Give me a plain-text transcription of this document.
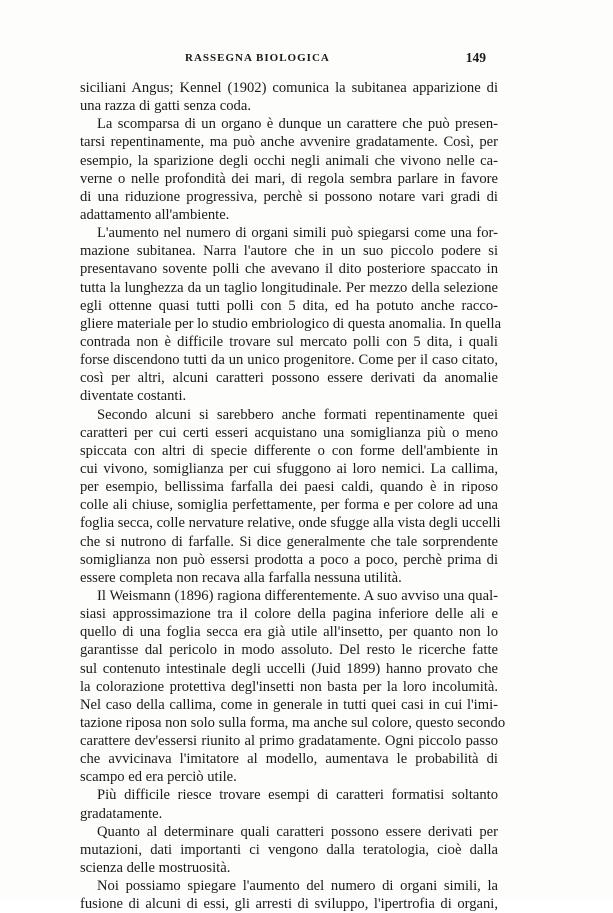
RASSEGNA BIOLOGICA	149
siciliani Angus; Kennel (1902) comunica la subitanea apparizione di
una razza di gatti senza coda.
La scomparsa di un organo è dunque un carattere che può presen-
tarsi repentinamente, ma può anche avvenire gradatamente. Così, per
esempio, la sparizione degli occhi negli animali che vivono nelle ca-
verne o nelle profondità dei mari, di regola sembra parlare in favore
di una riduzione progressiva, perchè si possono notare vari gradi di
adattamento all'ambiente.
L'aumento nel numero di organi simili può spiegarsi come una for-
mazione subitanea. Narra l'autore che in un suo piccolo podere si
presentavano sovente polli che avevano il dito posteriore spaccato in
tutta la lunghezza da un taglio longitudinale. Per mezzo della selezione
egli ottenne quasi tutti polli con 5 dita, ed ha potuto anche racco-
gliere materiale per lo studio embriologico di questa anomalia. In quella
contrada non è difficile trovare sul mercato polli con 5 dita, i quali
forse discendono tutti da un unico progenitore. Come per il caso citato,
così per altri, alcuni caratteri possono essere derivati da anomalie
diventate costanti.
Secondo alcuni si sarebbero anche formati repentinamente quei
caratteri per cui certi esseri acquistano una somiglianza più o meno
spiccata con altri di specie differente o con forme dell'ambiente in
cui vivono, somiglianza per cui sfuggono ai loro nemici. La callima,
per esempio, bellissima farfalla dei paesi caldi, quando è in riposo
colle ali chiuse, somiglia perfettamente, per forma e per colore ad una
foglia secca, colle nervature relative, onde sfugge alla vista degli uccelli
che si nutrono di farfalle. Si dice generalmente che tale sorprendente
somiglianza non può essersi prodotta a poco a poco, perchè prima di
essere completa non recava alla farfalla nessuna utilità.
Il Weismann (1896) ragiona differentemente. A suo avviso una qual-
siasi approssimazione tra il colore della pagina inferiore delle ali e
quello di una foglia secca era già utile all'insetto, per quanto non lo
garantisse dal pericolo in modo assoluto. Del resto le ricerche fatte
sul contenuto intestinale degli uccelli (Juid 1899) hanno provato che
la colorazione protettiva degl'insetti non basta per la loro incolumità.
Nel caso della callima, come in generale in tutti quei casi in cui l'imi-
tazione riposa non solo sulla forma, ma anche sul colore, questo secondo
carattere dev'essersi riunito al primo gradatamente. Ogni piccolo passo
che avvicinava l'imitatore al modello, aumentava le probabilità di
scampo ed era perciò utile.
Più difficile riesce trovare esempi di caratteri formatisi soltanto
gradatamente.
Quanto al determinare quali caratteri possono essere derivati per
mutazioni, dati importanti ci vengono dalla teratologia, cioè dalla
scienza delle mostruosità.
Noi possiamo spiegare l'aumento del numero di organi simili, la
fusione di alcuni di essi, gli arresti di sviluppo, l'ipertrofia di organi,
